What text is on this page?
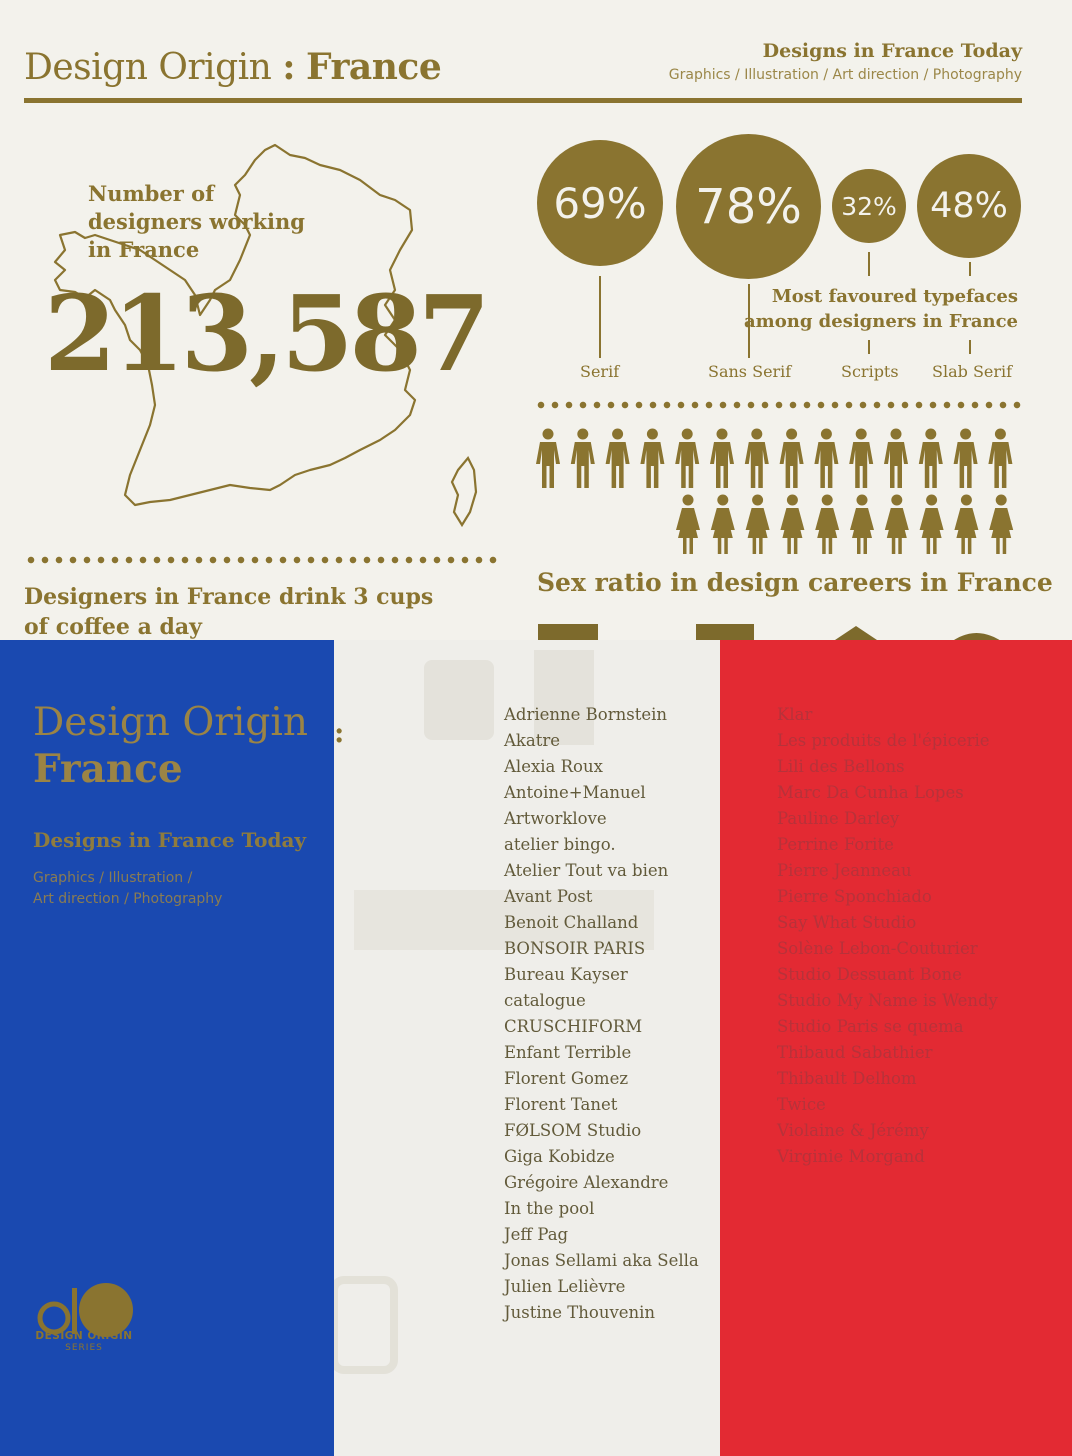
Design Origin : France	Designs in France Today
Graphics / Illustration / Art direction / Photography
Number of
designers working
in France
213,587
69% 78% 32% 48%
Most favoured typefaces
among designers in France
Serif	Sans Serif	Scripts Slab Serif
Designers in France drink 3 cups
of coffee a day
Sex ratio in design careers in France
Design Origin
France
:
Designs in France Today
Graphics / Illustration /
Art direction / Photography
Adrienne Bornstein
Akatre
Alexia Roux
Antoine+Manuel
Artworklove
atelier bingo.
Atelier Tout va bien
Avant Post
Benoit Challand
BONSOIR PARIS
Bureau Kayser
catalogue
CRUSCHIFORM
Enfant Terrible
Florent Gomez
Florent Tanet
FØLSOM Studio
Giga Kobidze
Grégoire Alexandre
In the pool
Jeff Pag
Jonas Sellami aka Sella
Julien Lelièvre
Justine Thouvenin
Klar
Les produits de l'épicerie
Lili des Bellons
Marc Da Cunha Lopes
Pauline Darley
Perrine Forite
Pierre Jeanneau
Pierre Sponchiado
Say What Studio
Solène Lebon-Couturier
Studio Dessuant Bone
Studio My Name is Wendy
Studio Paris se quema
Thibaud Sabathier
Thibault Delhom
Twice
Violaine & Jérémy
Virginie Morgand
DESIGN ORIGIN
SERIES
